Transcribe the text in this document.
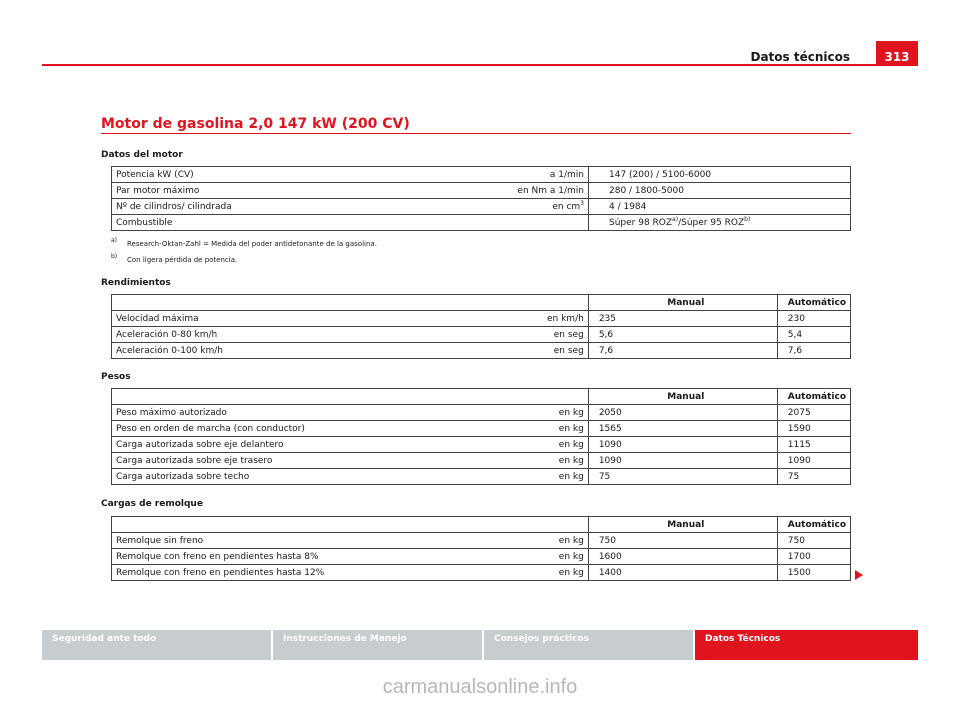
Datos técnicos	313
Motor de gasolina 2,0 147 kW (200 CV)
Datos del motor
Potencia kW (CV)	a 1/min	147 (200) / 5100-6000
Par motor máximo	en Nm a 1/min	280 / 1800-5000
Nº de cilindros/ cilindrada	en $cm^3$	4 / 1984
Combustible		Súper 98 ROZ$^{a)}$/Súper 95 ROZ$^{b)}$
a) Research-Oktan-Zahl = Medida del poder antidetonante de la gasolina.
b) Con ligera pérdida de potencia.
Rendimientos
		Manual	Automático
Velocidad máxima	en km/h	235	230
Aceleración 0-80 km/h	en seg	5,6	5,4
Aceleración 0-100 km/h	en seg	7,6	7,6
Pesos
		Manual	Automático
Peso máximo autorizado	en kg	2050	2075
Peso en orden de marcha (con conductor)	en kg	1565	1590
Carga autorizada sobre eje delantero	en kg	1090	1115
Carga autorizada sobre eje trasero	en kg	1090	1090
Carga autorizada sobre techo	en kg	75	75
Cargas de remolque
		Manual	Automático
Remolque sin freno	en kg	750	750
Remolque con freno en pendientes hasta 8%	en kg	1600	1700
Remolque con freno en pendientes hasta 12%	en kg	1400	1500
Seguridad ante todo	Instrucciones de Manejo	Consejos prácticos	Datos Técnicos
carmanualsonline.info
